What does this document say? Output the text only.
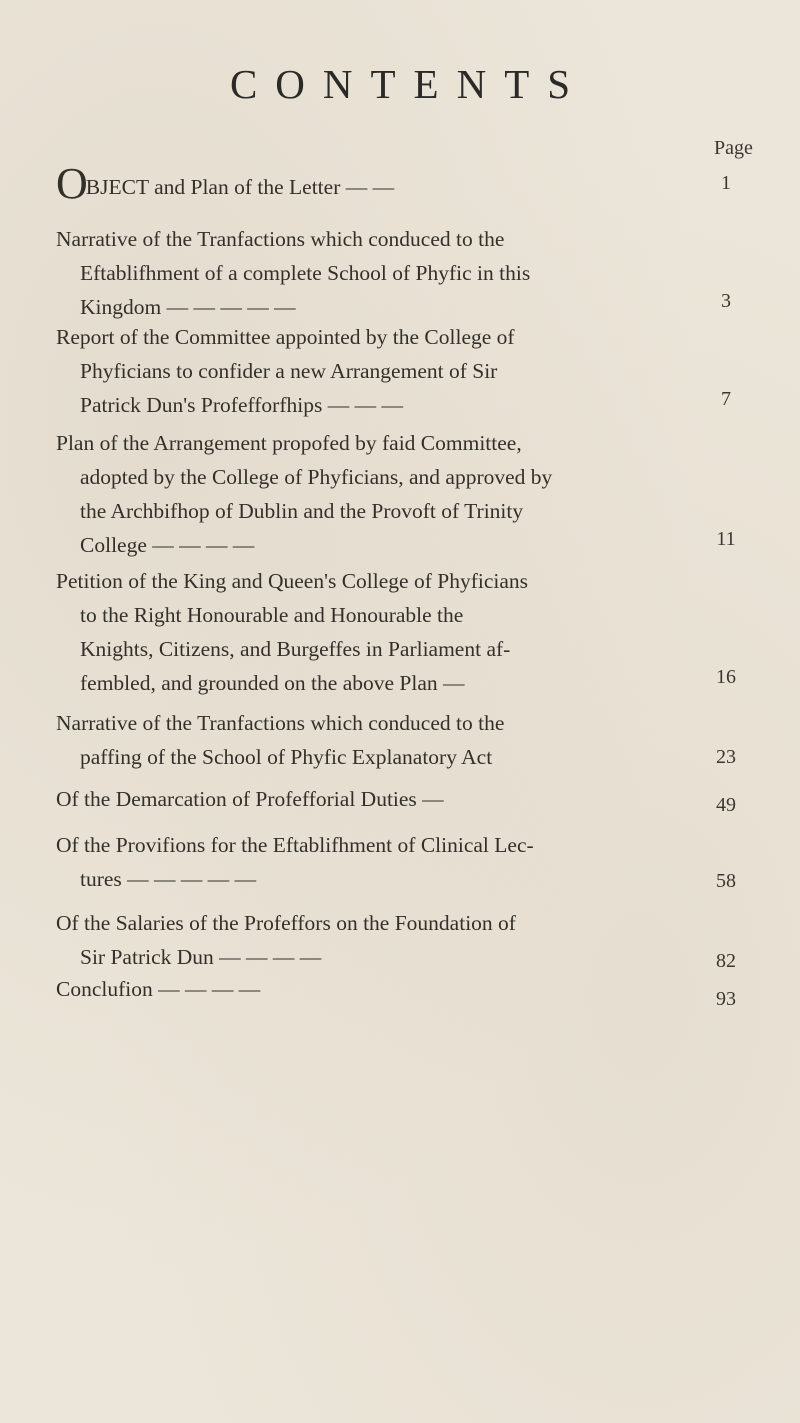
CONTENTS
Page
OBJECT and Plan of the Letter — —	1
Narrative of the Tranfactions which conduced to the
Eftablifhment of a complete School of Phyfic in this
Kingdom — — — — —	3
Report of the Committee appointed by the College of
Phyficians to confider a new Arrangement of Sir
Patrick Dun's Profefforfhips — — —	7
Plan of the Arrangement propofed by faid Committee,
adopted by the College of Phyficians, and approved by
the Archbifhop of Dublin and the Provoft of Trinity
College — — — —	11
Petition of the King and Queen's College of Phyficians
to the Right Honourable and Honourable the
Knights, Citizens, and Burgeffes in Parliament af-
fembled, and grounded on the above Plan —	16
Narrative of the Tranfactions which conduced to the
paffing of the School of Phyfic Explanatory Act	23
Of the Demarcation of Profefforial Duties —	49
Of the Provifions for the Eftablifhment of Clinical Lec-
tures — — — — —	58
Of the Salaries of the Profeffors on the Foundation of
Sir Patrick Dun — — — —	82
Conclufion — — — —	93
